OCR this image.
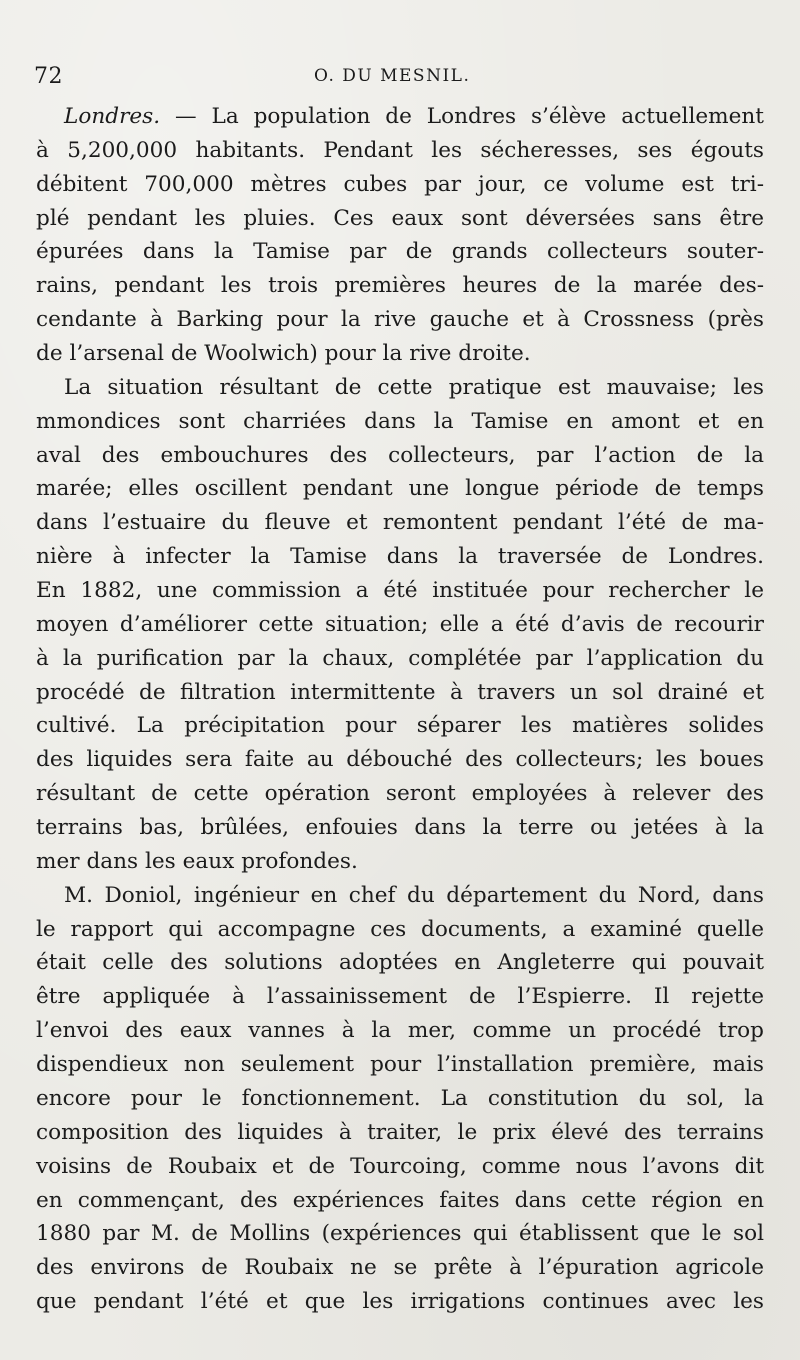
72	O. DU MESNIL.
Londres. — La population de Londres s’élève actuellement
à 5,200,000 habitants. Pendant les sécheresses, ses égouts
débitent 700,000 mètres cubes par jour, ce volume est tri-
plé pendant les pluies. Ces eaux sont déversées sans être
épurées dans la Tamise par de grands collecteurs souter-
rains, pendant les trois premières heures de la marée des-
cendante à Barking pour la rive gauche et à Crossness (près
de l’arsenal de Woolwich) pour la rive droite.
La situation résultant de cette pratique est mauvaise; les
mmondices sont charriées dans la Tamise en amont et en
aval des embouchures des collecteurs, par l’action de la
marée; elles oscillent pendant une longue période de temps
dans l’estuaire du fleuve et remontent pendant l’été de ma-
nière à infecter la Tamise dans la traversée de Londres.
En 1882, une commission a été instituée pour rechercher le
moyen d’améliorer cette situation; elle a été d’avis de recourir
à la purification par la chaux, complétée par l’application du
procédé de filtration intermittente à travers un sol drainé et
cultivé. La précipitation pour séparer les matières solides
des liquides sera faite au débouché des collecteurs; les boues
résultant de cette opération seront employées à relever des
terrains bas, brûlées, enfouies dans la terre ou jetées à la
mer dans les eaux profondes.
M. Doniol, ingénieur en chef du département du Nord, dans
le rapport qui accompagne ces documents, a examiné quelle
était celle des solutions adoptées en Angleterre qui pouvait
être appliquée à l’assainissement de l’Espierre. Il rejette
l’envoi des eaux vannes à la mer, comme un procédé trop
dispendieux non seulement pour l’installation première, mais
encore pour le fonctionnement. La constitution du sol, la
composition des liquides à traiter, le prix élevé des terrains
voisins de Roubaix et de Tourcoing, comme nous l’avons dit
en commençant, des expériences faites dans cette région en
1880 par M. de Mollins (expériences qui établissent que le sol
des environs de Roubaix ne se prête à l’épuration agricole
que pendant l’été et que les irrigations continues avec les
